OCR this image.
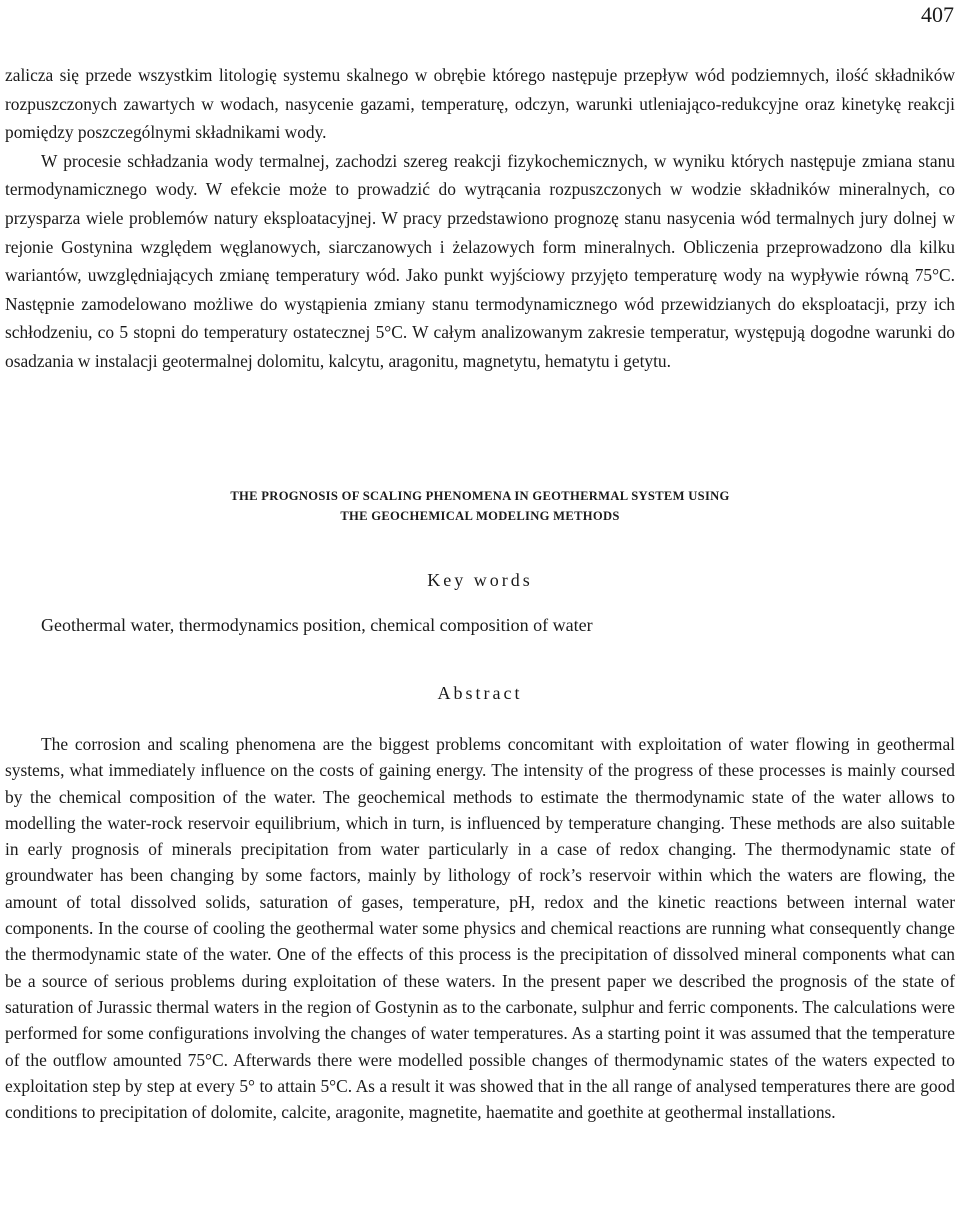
407

zalicza się przede wszystkim litologię systemu skalnego w obrębie którego następuje przepływ wód podziemnych, ilość składników rozpuszczonych zawartych w wodach, nasycenie gazami, temperaturę, odczyn, warunki utleniająco-redukcyjne oraz kinetykę reakcji pomiędzy poszczególnymi składnikami wody.
W procesie schładzania wody termalnej, zachodzi szereg reakcji fizykochemicznych, w wyniku których następuje zmiana stanu termodynamicznego wody. W efekcie może to prowadzić do wytrącania rozpuszczonych w wodzie składników mineralnych, co przysparza wiele problemów natury eksploatacyjnej. W pracy przedstawiono prognozę stanu nasycenia wód termalnych jury dolnej w rejonie Gostynina względem węglanowych, siarczanowych i żelazowych form mineralnych. Obliczenia przeprowadzono dla kilku wariantów, uwzględniających zmianę temperatury wód. Jako punkt wyjściowy przyjęto temperaturę wody na wypływie równą 75°C. Następnie zamodelowano możliwe do wystąpienia zmiany stanu termodynamicznego wód przewidzianych do eksploatacji, przy ich schłodzeniu, co 5 stopni do temperatury ostatecznej 5°C. W całym analizowanym zakresie temperatur, występują dogodne warunki do osadzania w instalacji geotermalnej dolomitu, kalcytu, aragonitu, magnetytu, hematytu i getytu.

THE PROGNOSIS OF SCALING PHENOMENA IN GEOTHERMAL SYSTEM USING
THE GEOCHEMICAL MODELING METHODS
Key words
Geothermal water, thermodynamics position, chemical composition of water
Abstract

The corrosion and scaling phenomena are the biggest problems concomitant with exploitation of water flowing in geothermal systems, what immediately influence on the costs of gaining energy. The intensity of the progress of these processes is mainly coursed by the chemical composition of the water. The geochemical methods to estimate the thermodynamic state of the water allows to modelling the water-rock reservoir equilibrium, which in turn, is influenced by temperature changing. These methods are also suitable in early prognosis of minerals precipitation from water particularly in a case of redox changing. The thermodynamic state of groundwater has been changing by some factors, mainly by lithology of rock’s reservoir within which the waters are flowing, the amount of total dissolved solids, saturation of gases, temperature, pH, redox and the kinetic reactions between internal water components. In the course of cooling the geothermal water some physics and chemical reactions are running what consequently change the thermodynamic state of the water. One of the effects of this process is the precipitation of dissolved mineral components what can be a source of serious problems during exploitation of these waters. In the present paper we described the prognosis of the state of saturation of Jurassic thermal waters in the region of Gostynin as to the carbonate, sulphur and ferric components. The calculations were performed for some configurations involving the changes of water temperatures. As a starting point it was assumed that the temperature of the outflow amounted 75°C. Afterwards there were modelled possible changes of thermodynamic states of the waters expected to exploitation step by step at every 5° to attain 5°C. As a result it was showed that in the all range of analysed temperatures there are good conditions to precipitation of dolomite, calcite, aragonite, magnetite, haematite and goethite at geothermal installations.
